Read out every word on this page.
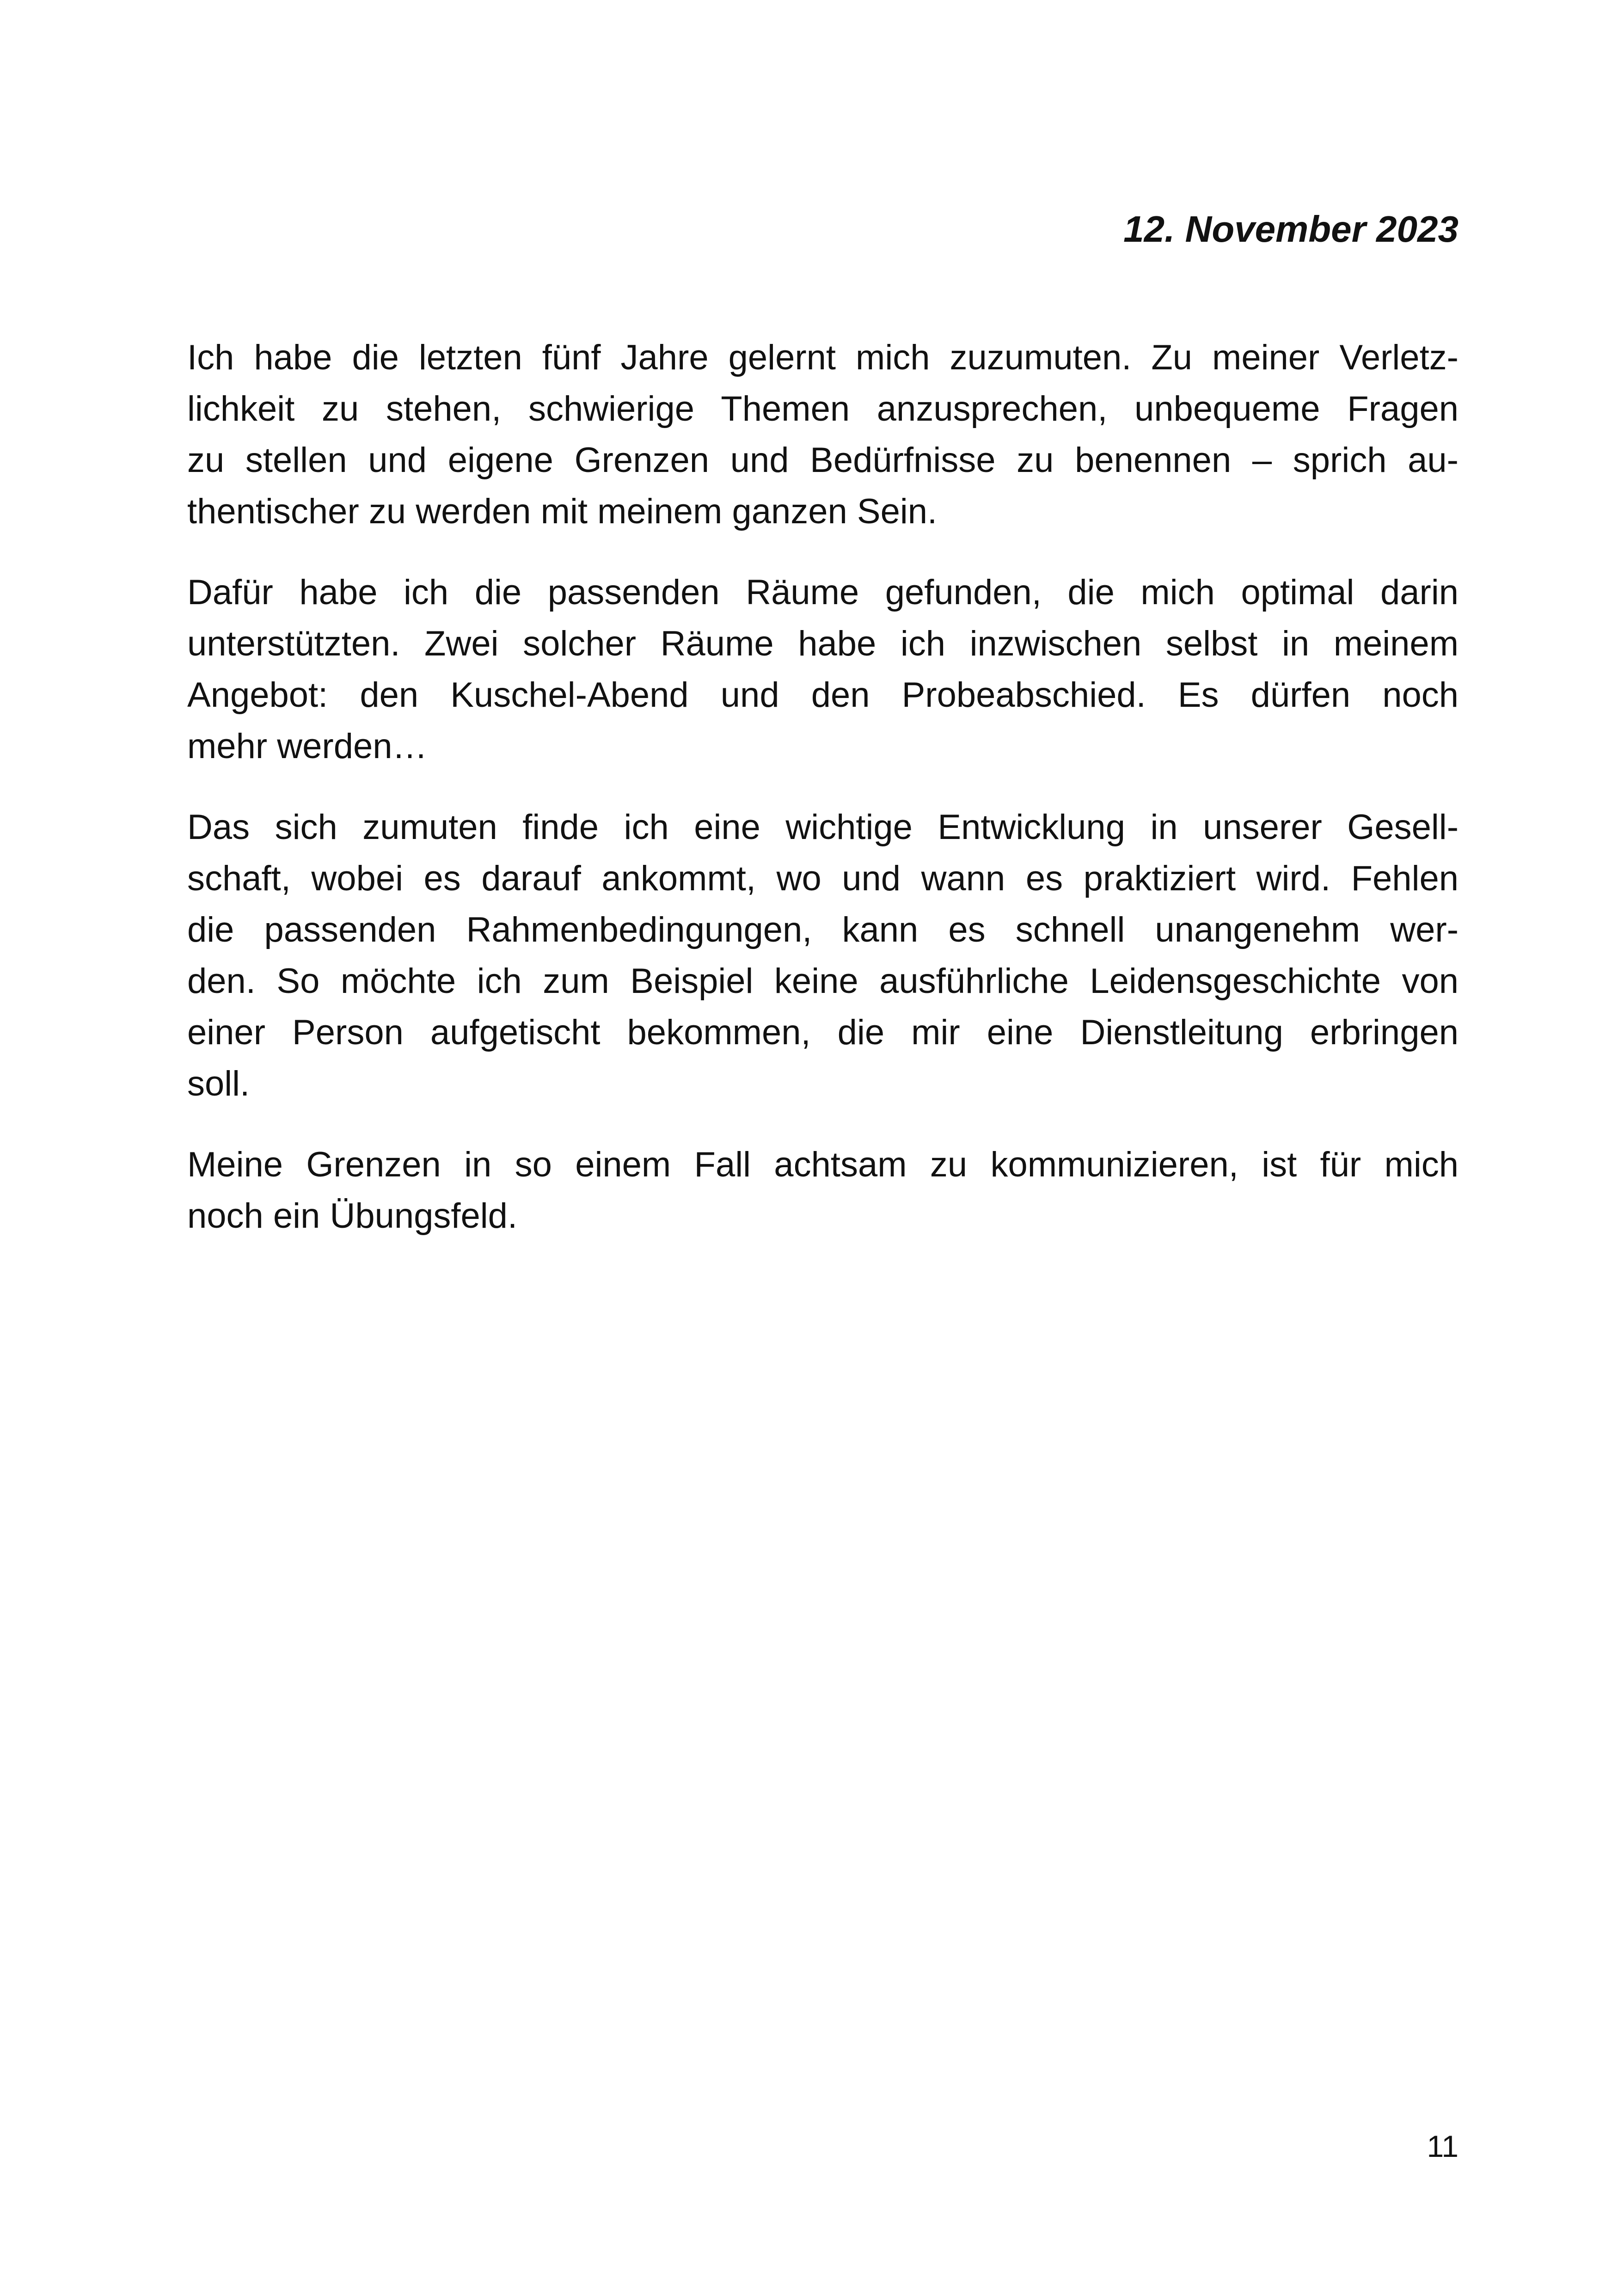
12. November 2023

Ich habe die letzten fünf Jahre gelernt mich zuzumuten. Zu meiner Verletz-
lichkeit zu stehen, schwierige Themen anzusprechen, unbequeme Fragen
zu stellen und eigene Grenzen und Bedürfnisse zu benennen – sprich au-
thentischer zu werden mit meinem ganzen Sein.

Dafür habe ich die passenden Räume gefunden, die mich optimal darin
unterstützten. Zwei solcher Räume habe ich inzwischen selbst in meinem
Angebot: den Kuschel-Abend und den Probeabschied. Es dürfen noch
mehr werden…

Das sich zumuten finde ich eine wichtige Entwicklung in unserer Gesell-
schaft, wobei es darauf ankommt, wo und wann es praktiziert wird. Fehlen
die passenden Rahmenbedingungen, kann es schnell unangenehm wer-
den. So möchte ich zum Beispiel keine ausführliche Leidensgeschichte von
einer Person aufgetischt bekommen, die mir eine Dienstleitung erbringen
soll.

Meine Grenzen in so einem Fall achtsam zu kommunizieren, ist für mich
noch ein Übungsfeld.

11
